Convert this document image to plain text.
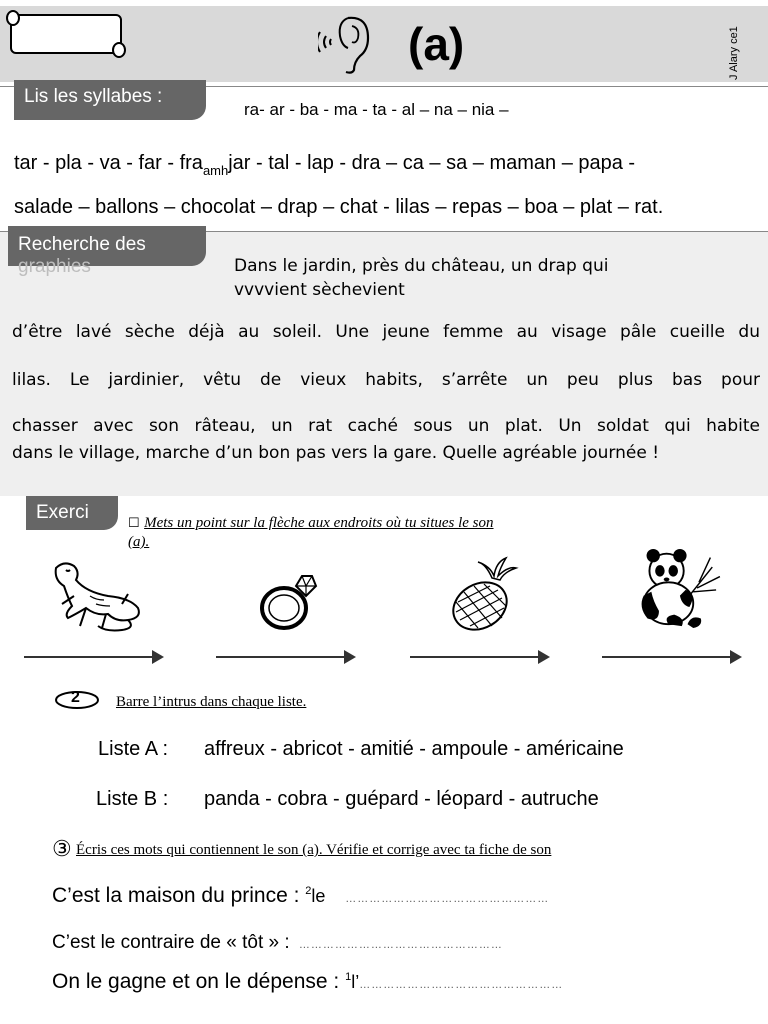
(a)	J Alary ce1
Lis les syllabes :
ra- ar - ba - ma - ta - al – na – nia –
tar - pla - va - far - fra$_{amh}$jar - tal - lap - dra – ca – sa – maman – papa -
salade – ballons – chocolat – drap – chat - lilas – repas – boa – plat – rat.
Recherche des
graphies	Dans le jardin, près du château, un drap qui
vvvvient sèchevient
d’être lavé sèche déjà au soleil. Une jeune femme au visage pâle cueille du
lilas. Le jardinier, vêtu de vieux habits, s’arrête un peu plus bas pour
chasser avec son râteau, un rat caché sous un plat. Un soldat qui habite
dans le village, marche d’un bon pas vers la gare. Quelle agréable journée !
Exerci	☐ Mets un point sur la flèche aux endroits où tu situes le son
(a).
2 Barre l’intrus dans chaque liste.
Liste A : affreux - abricot - amitié - ampoule - américaine
Liste B : panda - cobra - guépard - léopard - autruche
③ Écris ces mots qui contiennent le son (a). Vérifie et corrige avec ta fiche de son
C’est la maison du prince : $^2$le ……………………………………………
C’est le contraire de « tôt » : ……………………………………………
On le gagne et on le dépense : $^1$l’……………………………………………
